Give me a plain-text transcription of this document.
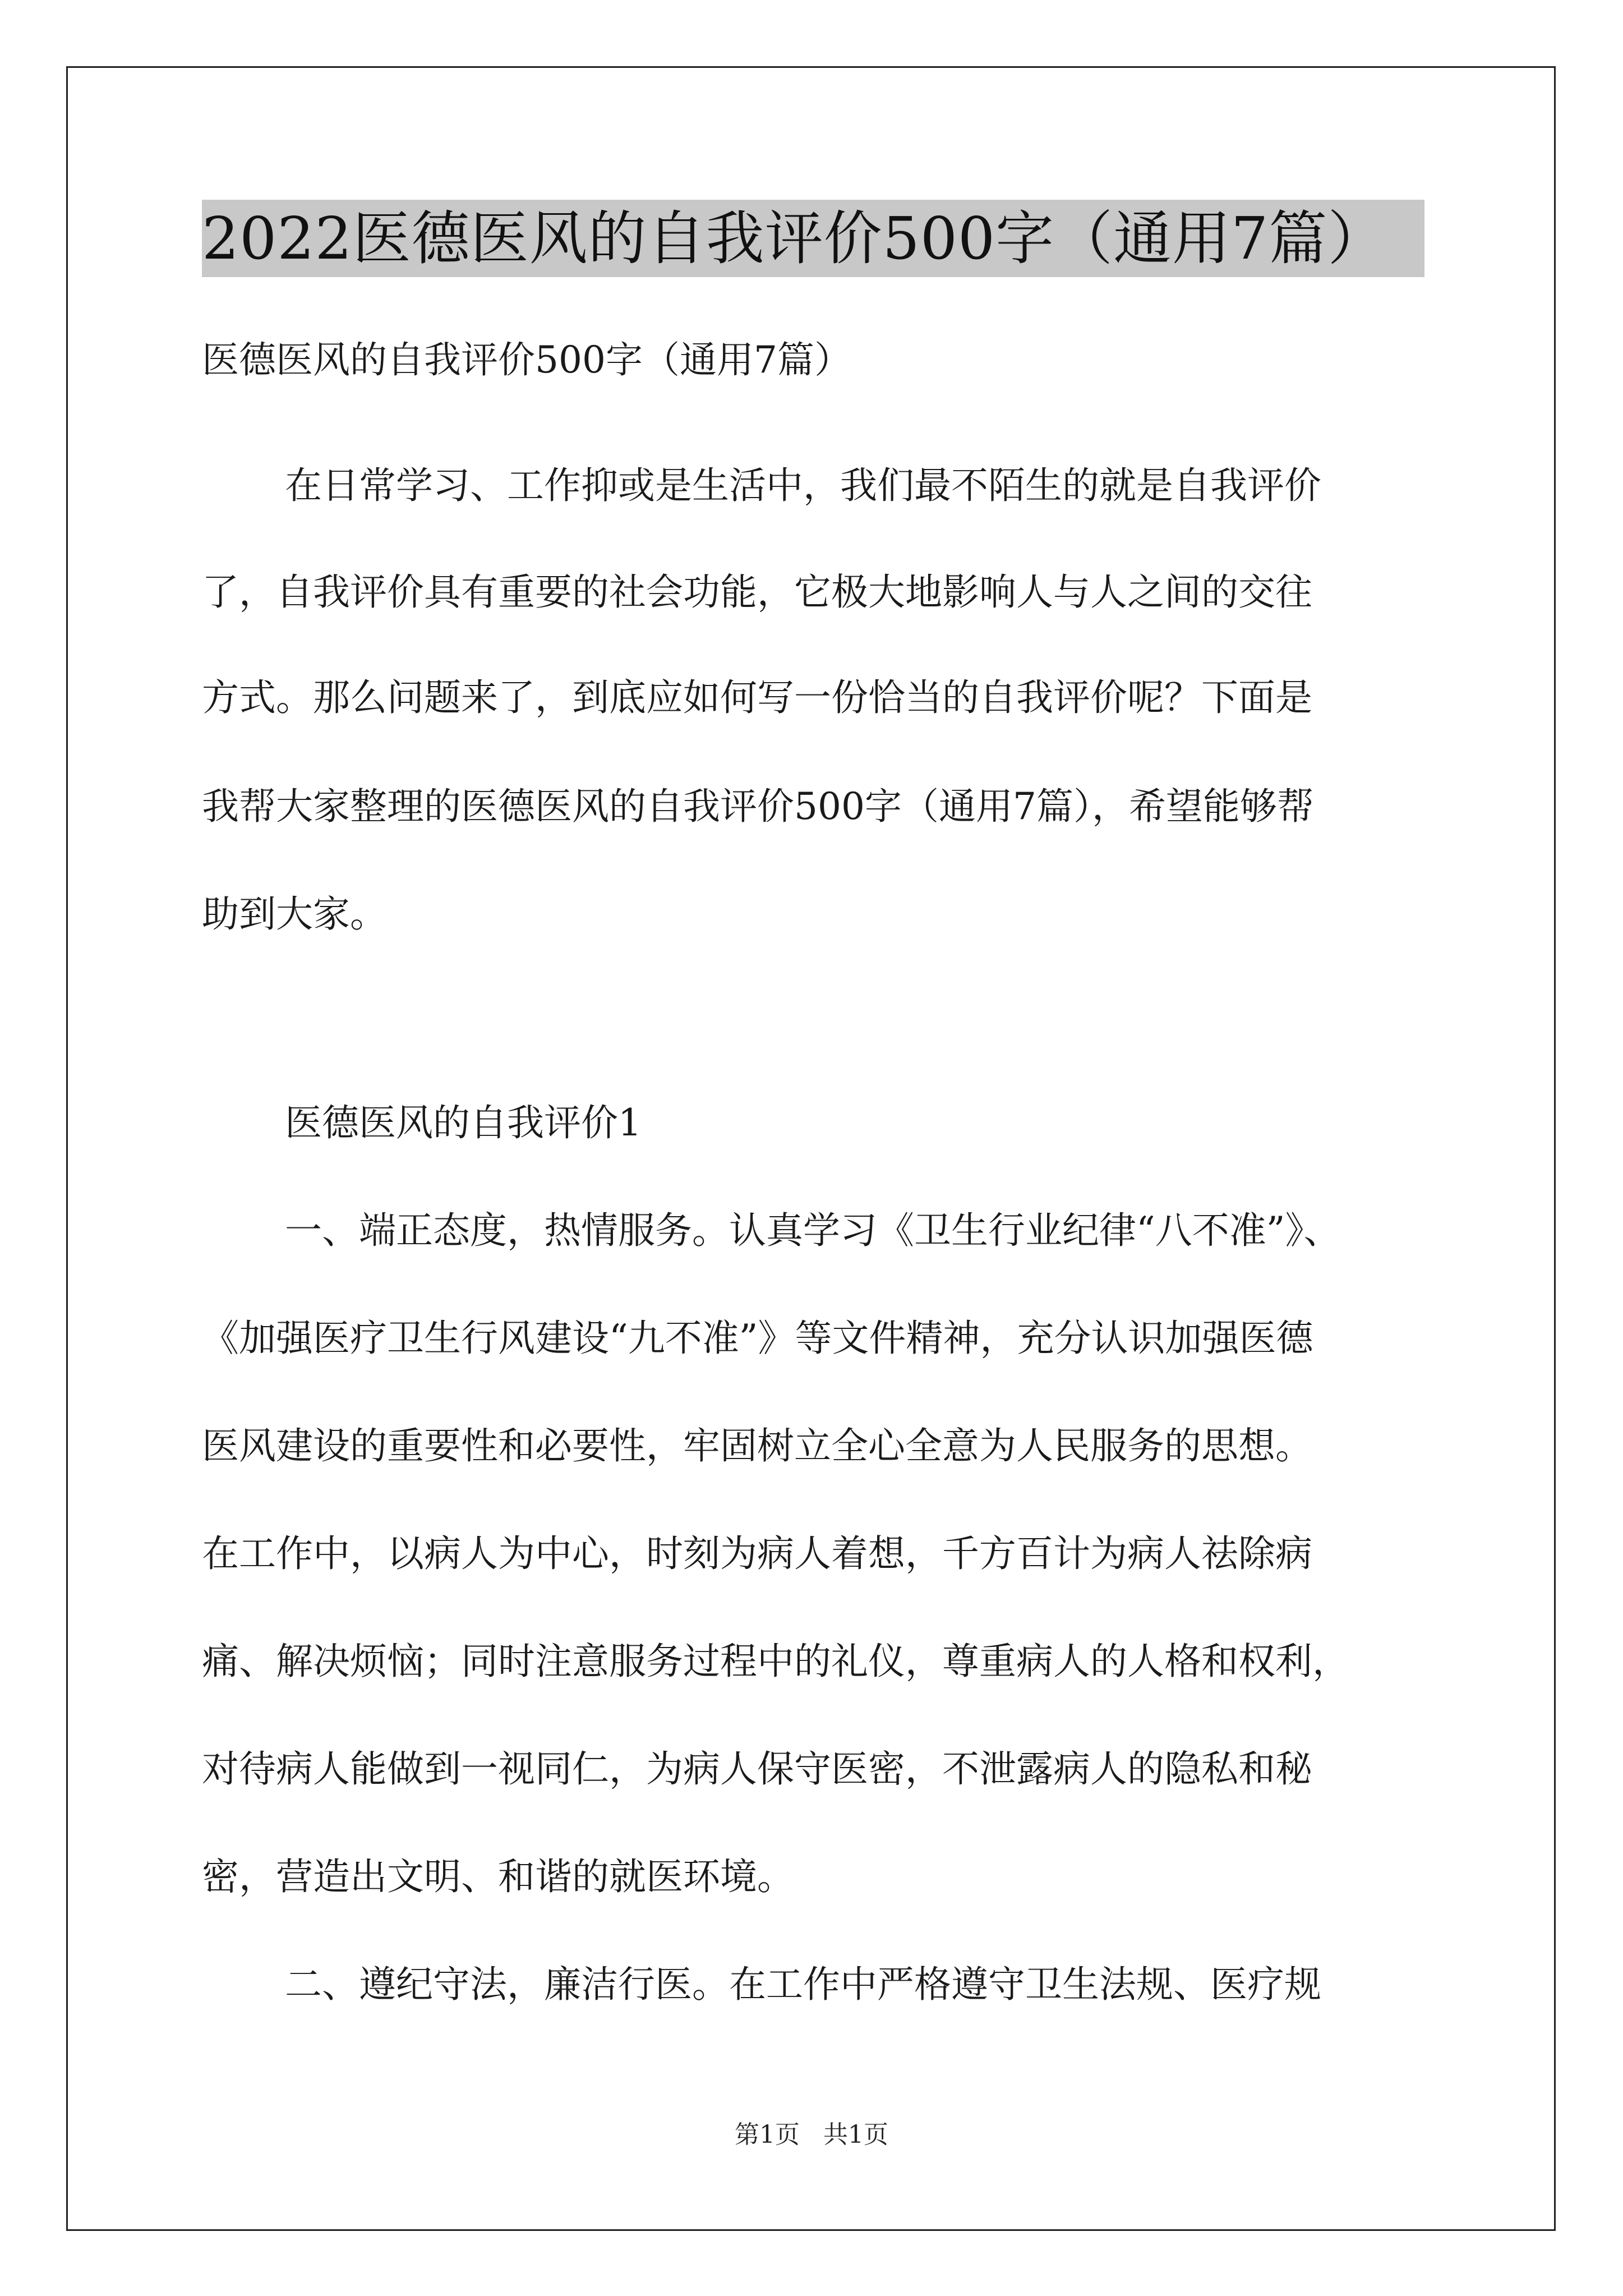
2022医德医风的自我评价500字（通用7篇）
医德医风的自我评价500字（通用7篇）
在日常学习、工作抑或是生活中，我们最不陌生的就是自我评价
了，自我评价具有重要的社会功能，它极大地影响人与人之间的交往
方式。那么问题来了，到底应如何写一份恰当的自我评价呢？下面是
我帮大家整理的医德医风的自我评价500字（通用7篇），希望能够帮
助到大家。
医德医风的自我评价1
一、端正态度，热情服务。认真学习《卫生行业纪律“八不准”》、
《加强医疗卫生行风建设“九不准”》等文件精神，充分认识加强医德
医风建设的重要性和必要性，牢固树立全心全意为人民服务的思想。
在工作中，以病人为中心，时刻为病人着想，千方百计为病人祛除病
痛、解决烦恼；同时注意服务过程中的礼仪，尊重病人的人格和权利，
对待病人能做到一视同仁，为病人保守医密，不泄露病人的隐私和秘
密，营造出文明、和谐的就医环境。
二、遵纪守法，廉洁行医。在工作中严格遵守卫生法规、医疗规
第1页 共1页
